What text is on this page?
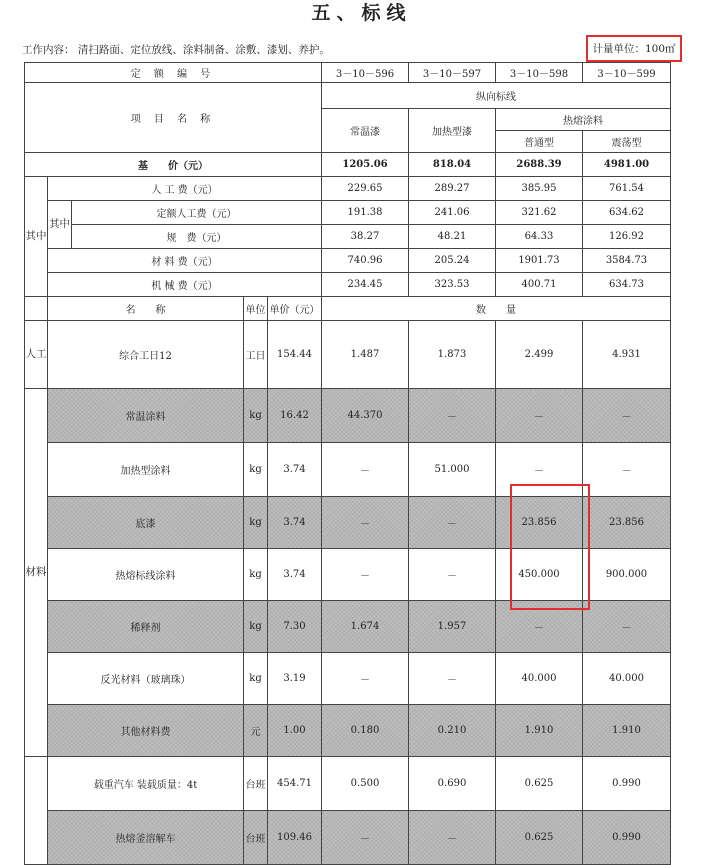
五、标线
工作内容： 清扫路面、定位放线、涂料制备、涂敷、漆划、养护。	计量单位：100㎡
定 额 编 号					3－10－596	3－10－597	3－10－598	3－10－599
项 目 名 称					纵向标线			
					常温漆	加热型漆	热熔涂料	
							普通型	震荡型
基　　价（元）					1205.06	818.04	2688.39	4981.00
其中	人 工 费（元）				229.65	289.27	385.95	761.54
	其中	定额人工费（元）			191.38	241.06	321.62	634.62
		规　费（元）			38.27	48.21	64.33	126.92
	材 料 费（元）				740.96	205.24	1901.73	3584.73
	机 械 费（元）				234.45	323.53	400.71	634.73
	名　　称		单位	单价（元）	数　　量			
人工	综合工日12		工日	154.44	1.487	1.873	2.499	4.931
材料	常温涂料		kg	16.42	44.370	－	－	－
	加热型涂料		kg	3.74	－	51.000	－	－
	底漆		kg	3.74	－	－	23.856	23.856
	热熔标线涂料		kg	3.74	－	－	450.000	900.000
	稀释剂		kg	7.30	1.674	1.957	－	－
	反光材料（玻璃珠）		kg	3.19	－	－	40.000	40.000
	其他材料费		元	1.00	0.180	0.210	1.910	1.910
	载重汽车 装载质量：4t		台班	454.71	0.500	0.690	0.625	0.990
	热熔釜溶解车		台班	109.46	－	－	0.625	0.990
